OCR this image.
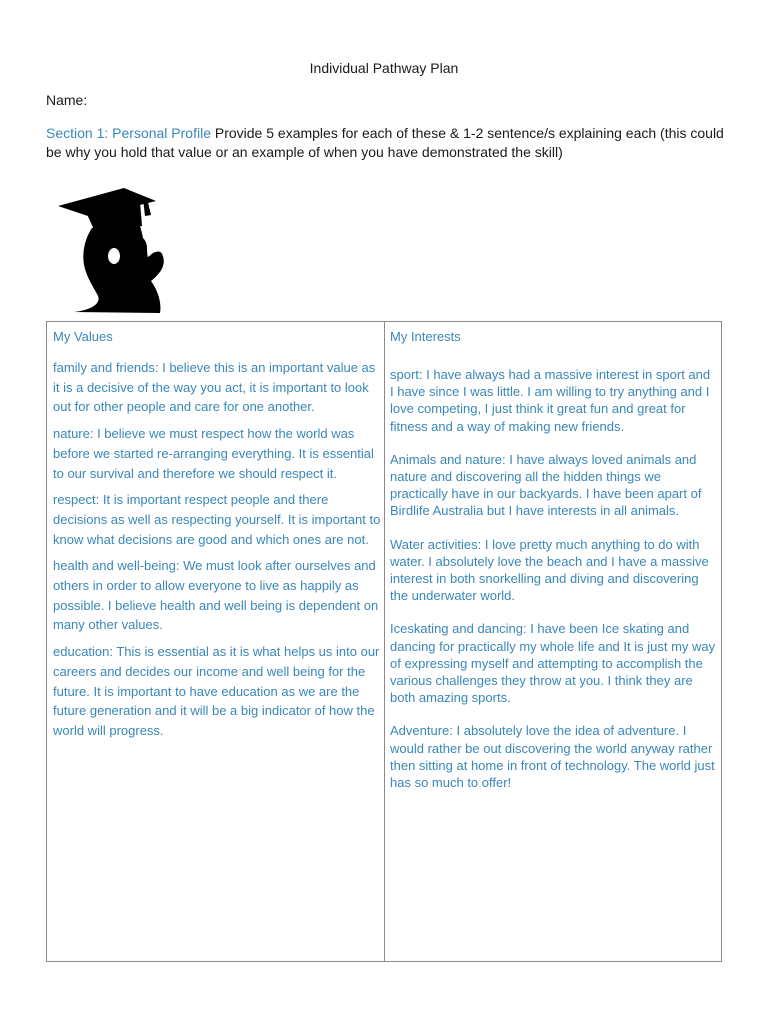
Individual Pathway Plan
Name:
Section 1: Personal Profile Provide 5 examples for each of these & 1-2 sentence/s explaining each (this could be why you hold that value or an example of when you have demonstrated the skill)
My Values
family and friends: I believe this is an important value as it is a decisive of the way you act, it is important to look out for other people and care for one another.
nature: I believe we must respect how the world was before we started re-arranging everything. It is essential to our survival and therefore we should respect it.
respect: It is important respect people and there decisions as well as respecting yourself. It is important to know what decisions are good and which ones are not.
health and well-being: We must look after ourselves and others in order to allow everyone to live as happily as possible. I believe health and well being is dependent on many other values.
education: This is essential as it is what helps us into our careers and decides our income and well being for the future. It is important to have education as we are the future generation and it will be a big indicator of how the world will progress.
My Interests
sport: I have always had a massive interest in sport and I have since I was little. I am willing to try anything and I love competing, I just think it great fun and great for fitness and a way of making new friends.
Animals and nature: I have always loved animals and nature and discovering all the hidden things we practically have in our backyards. I have been apart of Birdlife Australia but I have interests in all animals.
Water activities: I love pretty much anything to do with water. I absolutely love the beach and I have a massive interest in both snorkelling and diving and discovering the underwater world.
Iceskating and dancing: I have been Ice skating and dancing for practically my whole life and It is just my way of expressing myself and attempting to accomplish the various challenges they throw at you. I think they are both amazing sports.
Adventure: I absolutely love the idea of adventure. I would rather be out discovering the world anyway rather then sitting at home in front of technology. The world just has so much to offer!
